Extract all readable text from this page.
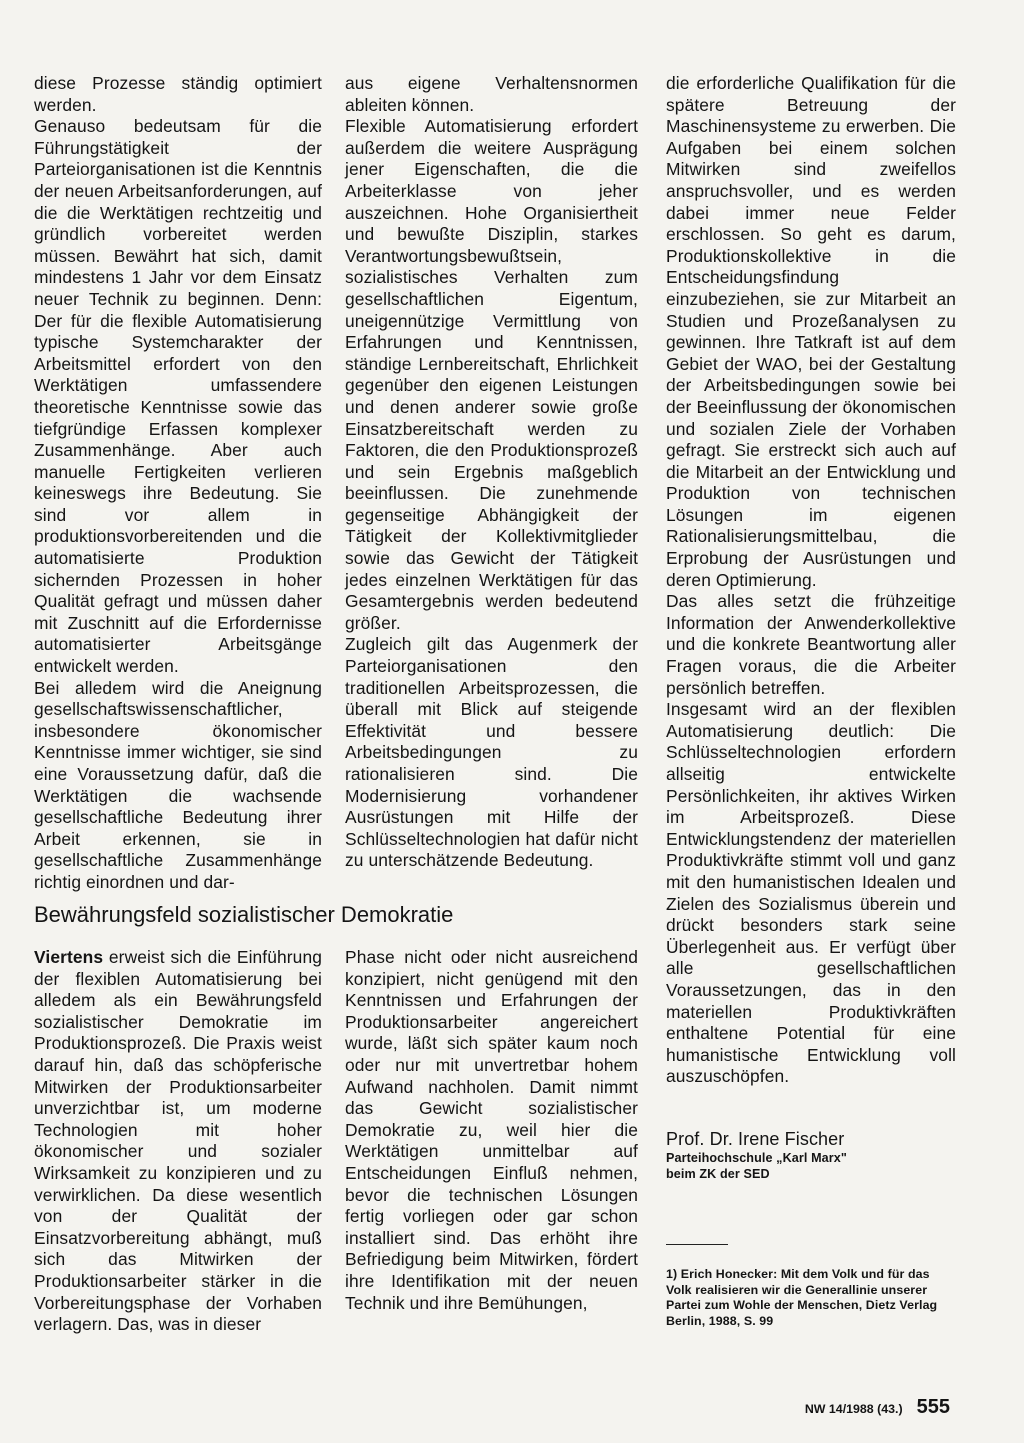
diese Prozesse ständig optimiert werden.

Genauso bedeutsam für die Führungstätigkeit der Parteiorganisationen ist die Kenntnis der neuen Arbeitsanforderungen, auf die die Werktätigen rechtzeitig und gründlich vorbereitet werden müssen. Bewährt hat sich, damit mindestens 1 Jahr vor dem Einsatz neuer Technik zu beginnen. Denn: Der für die flexible Automatisierung typische Systemcharakter der Arbeitsmittel erfordert von den Werktätigen umfassendere theoretische Kenntnisse sowie das tiefgründige Erfassen komplexer Zusammenhänge. Aber auch manuelle Fertigkeiten verlieren keineswegs ihre Bedeutung. Sie sind vor allem in produktionsvorbereitenden und die automatisierte Produktion sichernden Prozessen in hoher Qualität gefragt und müssen daher mit Zuschnitt auf die Erfordernisse automatisierter Arbeitsgänge entwickelt werden.

Bei alledem wird die Aneignung gesellschaftswissenschaftlicher, insbesondere ökonomischer Kenntnisse immer wichtiger, sie sind eine Voraussetzung dafür, daß die Werktätigen die wachsende gesellschaftliche Bedeutung ihrer Arbeit erkennen, sie in gesellschaftliche Zusammenhänge richtig einordnen und dar-

aus eigene Verhaltensnormen ableiten können.

Flexible Automatisierung erfordert außerdem die weitere Ausprägung jener Eigenschaften, die die Arbeiterklasse von jeher auszeichnen. Hohe Organisiertheit und bewußte Disziplin, starkes Verantwortungsbewußtsein, sozialistisches Verhalten zum gesellschaftlichen Eigentum, uneigennützige Vermittlung von Erfahrungen und Kenntnissen, ständige Lernbereitschaft, Ehrlichkeit gegenüber den eigenen Leistungen und denen anderer sowie große Einsatzbereitschaft werden zu Faktoren, die den Produktionsprozeß und sein Ergebnis maßgeblich beeinflussen. Die zunehmende gegenseitige Abhängigkeit der Tätigkeit der Kollektivmitglieder sowie das Gewicht der Tätigkeit jedes einzelnen Werktätigen für das Gesamtergebnis werden bedeutend größer.

Zugleich gilt das Augenmerk der Parteiorganisationen den traditionellen Arbeitsprozessen, die überall mit Blick auf steigende Effektivität und bessere Arbeitsbedingungen zu rationalisieren sind. Die Modernisierung vorhandener Ausrüstungen mit Hilfe der Schlüsseltechnologien hat dafür nicht zu unterschätzende Bedeutung.

die erforderliche Qualifikation für die spätere Betreuung der Maschinensysteme zu erwerben. Die Aufgaben bei einem solchen Mitwirken sind zweifellos anspruchsvoller, und es werden dabei immer neue Felder erschlossen. So geht es darum, Produktionskollektive in die Entscheidungsfindung einzubeziehen, sie zur Mitarbeit an Studien und Prozeßanalysen zu gewinnen. Ihre Tatkraft ist auf dem Gebiet der WAO, bei der Gestaltung der Arbeitsbedingungen sowie bei der Beeinflussung der ökonomischen und sozialen Ziele der Vorhaben gefragt. Sie erstreckt sich auch auf die Mitarbeit an der Entwicklung und Produktion von technischen Lösungen im eigenen Rationalisierungsmittelbau, die Erprobung der Ausrüstungen und deren Optimierung.

Das alles setzt die frühzeitige Information der Anwenderkollektive und die konkrete Beantwortung aller Fragen voraus, die die Arbeiter persönlich betreffen.

Insgesamt wird an der flexiblen Automatisierung deutlich: Die Schlüsseltechnologien erfordern allseitig entwickelte Persönlichkeiten, ihr aktives Wirken im Arbeitsprozeß. Diese Entwicklungstendenz der materiellen Produktivkräfte stimmt voll und ganz mit den humanistischen Idealen und Zielen des Sozialismus überein und drückt besonders stark seine Überlegenheit aus. Er verfügt über alle gesellschaftlichen Voraussetzungen, das in den materiellen Produktivkräften enthaltene Potential für eine humanistische Entwicklung voll auszuschöpfen.

Prof. Dr. Irene Fischer
Parteihochschule „Karl Marx"
beim ZK der SED

1) Erich Honecker: Mit dem Volk und für das Volk realisieren wir die Generallinie unserer Partei zum Wohle der Menschen, Dietz Verlag Berlin, 1988, S. 99

Bewährungsfeld sozialistischer Demokratie

Viertens erweist sich die Einführung der flexiblen Automatisierung bei alledem als ein Bewährungsfeld sozialistischer Demokratie im Produktionsprozeß. Die Praxis weist darauf hin, daß das schöpferische Mitwirken der Produktionsarbeiter unverzichtbar ist, um moderne Technologien mit hoher ökonomischer und sozialer Wirksamkeit zu konzipieren und zu verwirklichen. Da diese wesentlich von der Qualität der Einsatzvorbereitung abhängt, muß sich das Mitwirken der Produktionsarbeiter stärker in die Vorbereitungsphase der Vorhaben verlagern. Das, was in dieser

Phase nicht oder nicht ausreichend konzipiert, nicht genügend mit den Kenntnissen und Erfahrungen der Produktionsarbeiter angereichert wurde, läßt sich später kaum noch oder nur mit unvertretbar hohem Aufwand nachholen. Damit nimmt das Gewicht sozialistischer Demokratie zu, weil hier die Werktätigen unmittelbar auf Entscheidungen Einfluß nehmen, bevor die technischen Lösungen fertig vorliegen oder gar schon installiert sind. Das erhöht ihre Befriedigung beim Mitwirken, fördert ihre Identifikation mit der neuen Technik und ihre Bemühungen,

NW 14/1988 (43.) 555
